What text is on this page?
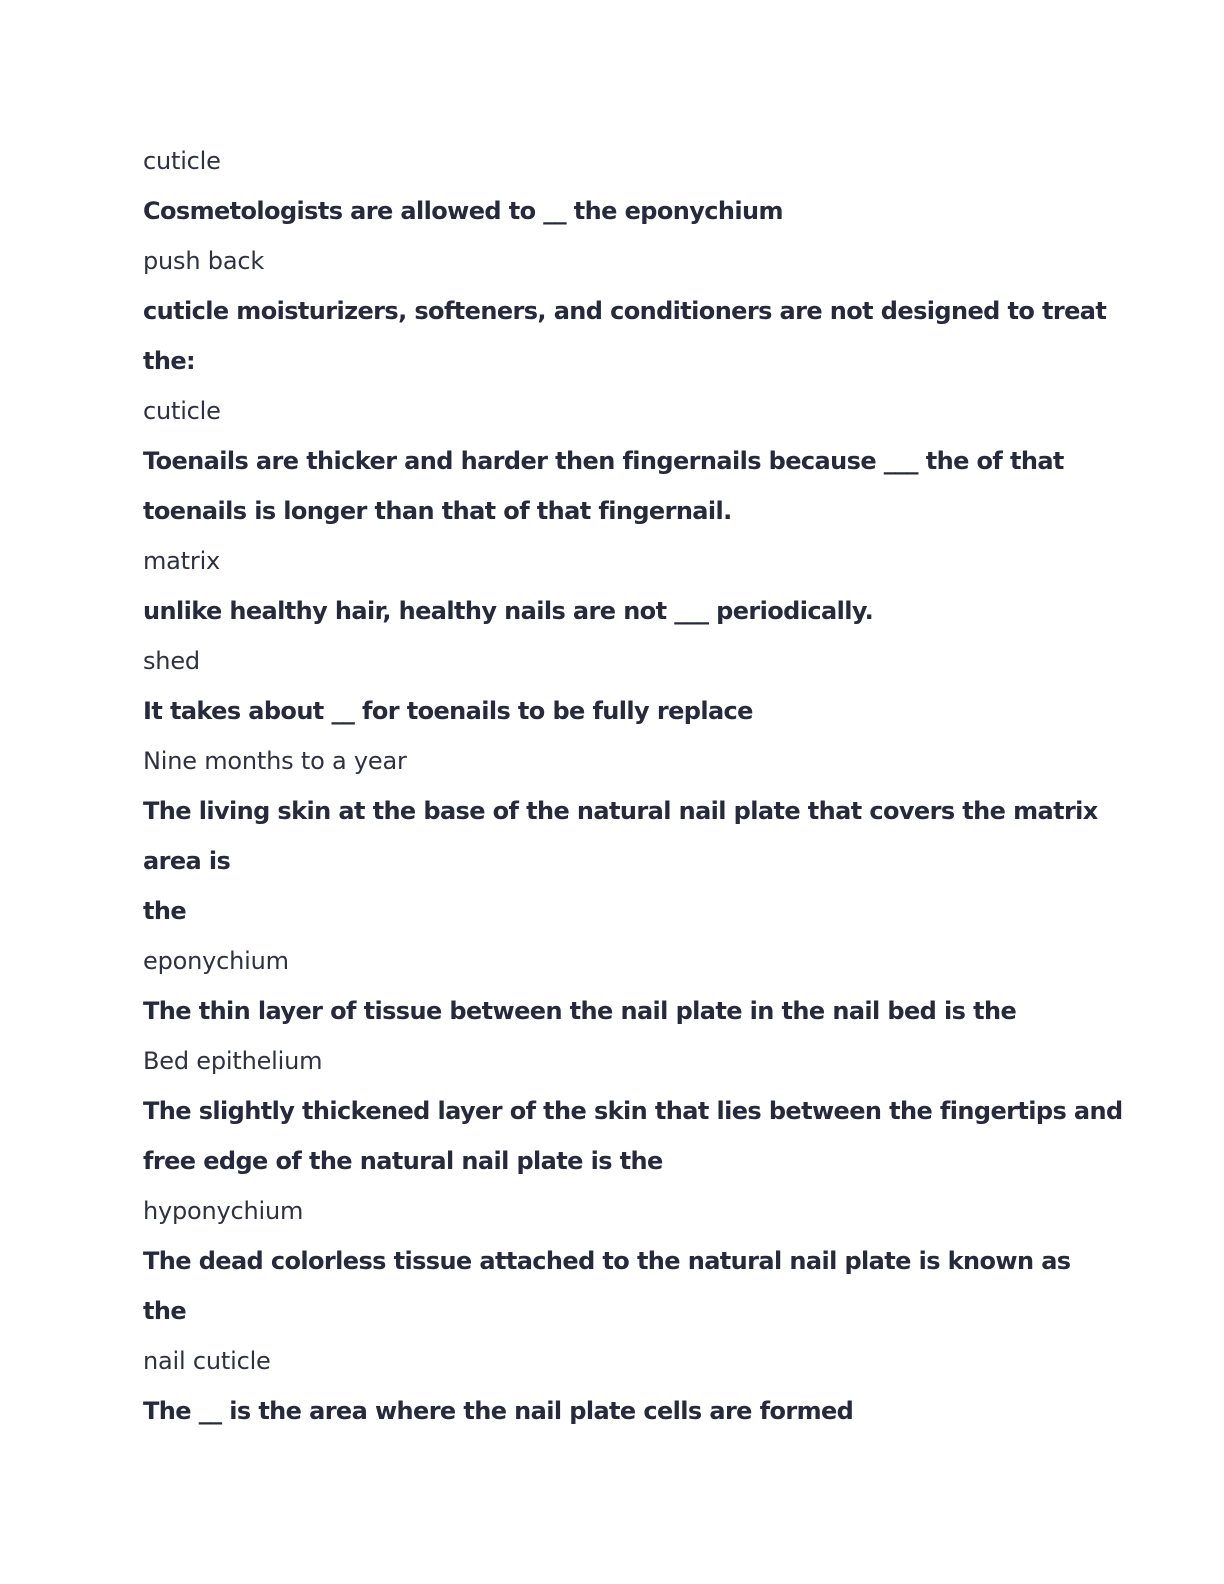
cuticle
Cosmetologists are allowed to __ the eponychium
push back
cuticle moisturizers, softeners, and conditioners are not designed to treat
the:
cuticle
Toenails are thicker and harder then fingernails because ___ the of that
toenails is longer than that of that fingernail.
matrix
unlike healthy hair, healthy nails are not ___ periodically.
shed
It takes about __ for toenails to be fully replace
Nine months to a year
The living skin at the base of the natural nail plate that covers the matrix
area is
the
eponychium
The thin layer of tissue between the nail plate in the nail bed is the
Bed epithelium
The slightly thickened layer of the skin that lies between the fingertips and
free edge of the natural nail plate is the
hyponychium
The dead colorless tissue attached to the natural nail plate is known as
the
nail cuticle
The __ is the area where the nail plate cells are formed
